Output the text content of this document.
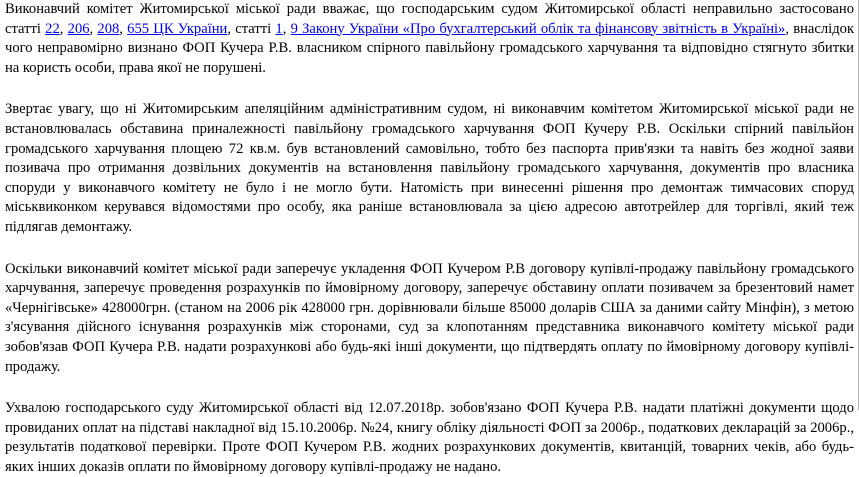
Виконавчий комітет Житомирської міської ради вважає, що господарським судом Житомирської області неправильно застосовано статті 22, 206, 208, 655 ЦК України, статті 1, 9 Закону України «Про бухгалтерський облік та фінансову звітність в Україні», внаслідок чого неправомірно визнано ФОП Кучера Р.В. власником спірного павільйону громадського харчування та відповідно стягнуто збитки на користь особи, права якої не порушені.

Звертає увагу, що ні Житомирським апеляційним адміністративним судом, ні виконавчим комітетом Житомирської міської ради не встановлювалась обставина приналежності павільйону громадського харчування ФОП Кучеру Р.В. Оскільки спірний павільйон громадського харчування площею 72 кв.м. був встановлений самовільно, тобто без паспорта прив'язки та навіть без жодної заяви позивача про отримання дозвільних документів на встановлення павільйону громадського харчування, документів про власника споруди у виконавчого комітету не було і не могло бути. Натомість при винесенні рішення про демонтаж тимчасових споруд міськвиконком керувався відомостями про особу, яка раніше встановлювала за цією адресою автотрейлер для торгівлі, який теж підлягав демонтажу.

Оскільки виконавчий комітет міської ради заперечує укладення ФОП Кучером Р.В договору купівлі-продажу павільйону громадського харчування, заперечує проведення розрахунків по ймовірному договору, заперечує обставину оплати позивачем за брезентовий намет «Чернігівське» 428000грн. (станом на 2006 рік 428000 грн. дорівнювали більше 85000 доларів США за даними сайту Мінфін), з метою з'ясування дійсного існування розрахунків між сторонами, суд за клопотанням представника виконавчого комітету міської ради зобов'язав ФОП Кучера Р.В. надати розрахункові або будь-які інші документи, що підтвердять оплату по ймовірному договору купівлі-продажу.

Ухвалою господарського суду Житомирської області від 12.07.2018р. зобов'язано ФОП Кучера Р.В. надати платіжні документи щодо провиданих оплат на підставі накладної від 15.10.2006р. №24, книгу обліку діяльності ФОП за 2006р., податкових декларацій за 2006р., результатів податкової перевірки. Проте ФОП Кучером Р.В. жодних розрахункових документів, квитанцій, товарних чеків, або будь-яких інших доказів оплати по ймовірному договору купівлі-продажу не надано.
